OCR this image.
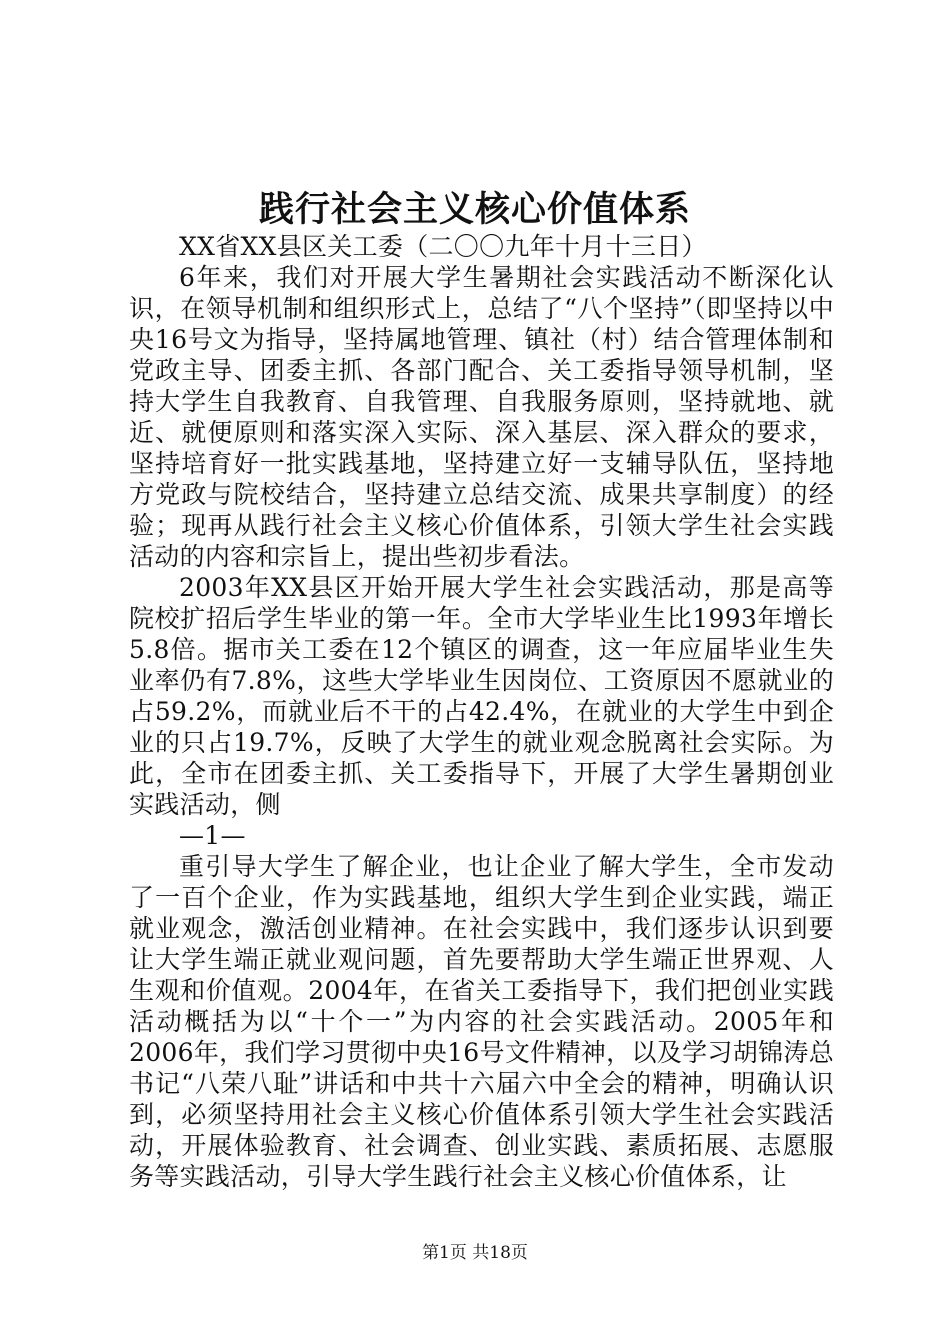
践行社会主义核心价值体系

XX省XX县区关工委（二〇〇九年十月十三日）

6年来，我们对开展大学生暑期社会实践活动不断深化认识，在领导机制和组织形式上，总结了“八个坚持”（即坚持以中央16号文为指导，坚持属地管理、镇社（村）结合管理体制和党政主导、团委主抓、各部门配合、关工委指导领导机制，坚持大学生自我教育、自我管理、自我服务原则，坚持就地、就近、就便原则和落实深入实际、深入基层、深入群众的要求，坚持培育好一批实践基地，坚持建立好一支辅导队伍，坚持地方党政与院校结合，坚持建立总结交流、成果共享制度）的经验；现再从践行社会主义核心价值体系，引领大学生社会实践活动的内容和宗旨上，提出些初步看法。

2003年XX县区开始开展大学生社会实践活动，那是高等院校扩招后学生毕业的第一年。全市大学毕业生比1993年增长5.8倍。据市关工委在12个镇区的调查，这一年应届毕业生失业率仍有7.8%，这些大学毕业生因岗位、工资原因不愿就业的占59.2%，而就业后不干的占42.4%，在就业的大学生中到企业的只占19.7%，反映了大学生的就业观念脱离社会实际。为此，全市在团委主抓、关工委指导下，开展了大学生暑期创业实践活动，侧

—1—

重引导大学生了解企业，也让企业了解大学生，全市发动了一百个企业，作为实践基地，组织大学生到企业实践，端正就业观念，激活创业精神。在社会实践中，我们逐步认识到要让大学生端正就业观问题，首先要帮助大学生端正世界观、人生观和价值观。2004年，在省关工委指导下，我们把创业实践活动概括为以“十个一”为内容的社会实践活动。2005年和2006年，我们学习贯彻中央16号文件精神，以及学习胡锦涛总书记“八荣八耻”讲话和中共十六届六中全会的精神，明确认识到，必须坚持用社会主义核心价值体系引领大学生社会实践活动，开展体验教育、社会调查、创业实践、素质拓展、志愿服务等实践活动，引导大学生践行社会主义核心价值体系，让

第1页 共18页
